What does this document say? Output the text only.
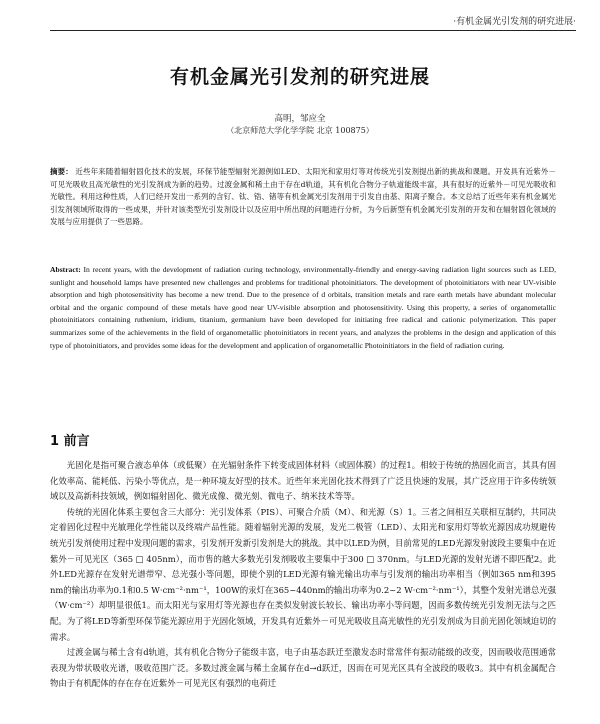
·有机金属光引发剂的研究进展·
有机金属光引发剂的研究进展
高明，邹应全
（北京师范大学化学学院 北京 100875）
摘要： 近些年来随着辐射固化技术的发展，环保节能型辐射光源例如LED、太阳光和家用灯等对传统光引发剂提出新的挑战和课题。开发具有近紫外－可见光吸收且高光敏性的光引发剂成为新的趋势。过渡金属和稀土由于存在d轨道，其有机化合物分子轨道能级丰富，具有很好的近紫外－可见光吸收和光敏性。利用这种性质，人们已经开发出一系列的含钌、钛、锆、锗等有机金属光引发剂用于引发自由基、阳离子聚合。本文总结了近些年来有机金属光引发剂领域所取得的一些成果，并针对该类型光引发剂设计以及应用中所出现的问题进行分析，为今后新型有机金属光引发剂的开发和在辐射固化领域的发展与应用提供了一些思路。
Abstract: In recent years, with the development of radiation curing technology, environmentally-friendly and energy-saving radiation light sources such as LED, sunlight and household lamps have presented new challenges and problems for traditional photoinitiators. The development of photoinitiators with near UV-visible absorption and high photosensitivity has become a new trend. Due to the presence of d orbitals, transition metals and rare earth metals have abundant molecular orbital and the organic compound of these metals have good near UV-visible absorption and photosensitivity. Using this property, a series of organometallic photoinitiators containing ruthenium, iridium, titanium, germanium have been developed for initiating free radical and cationic polymerization. This paper summarizes some of the achievements in the field of organometallic photoinitiators in recent years, and analyzes the problems in the design and application of this type of photoinitiators, and provides some ideas for the development and application of organometallic Photoinitiators in the field of radiation curing.
1 前言

光固化是指可聚合液态单体（或低聚）在光辐射条件下转变成固体材料（或固体膜）的过程1。相较于传统的热固化而言，其具有固化效率高、能耗低、污染小等优点，是一种环境友好型的技术。近些年来光固化技术得到了广泛且快速的发展，其广泛应用于许多传统领域以及高新科技领域，例如辐射固化、微光成像、微光刻、微电子、纳米技术等等。

传统的光固化体系主要包含三大部分：光引发体系（PIS）、可聚合介质（M）、和光源（S）1。三者之间相互关联相互制约，共同决定着固化过程中光敏理化学性能以及终端产品性能。随着辐射光源的发展，发光二极管（LED）、太阳光和家用灯等软光源因成功规避传统光引发剂使用过程中发现问题的需求，引发剂开发新引发剂是大的挑战。其中以LED为例，目前常见的LED光源发射波段主要集中在近紫外－可见光区（365 □ 405nm），而市售的越大多数光引发剂吸收主要集中于300 □ 370nm。与LED光源的发射光谱不即匹配2。此外LED光源存在发射光谱带窄、总光强小等问题，即使个别的LED光源有输光输出功率与引发剂的输出功率相当（例如365 nm和395 nm的输出功率为0.1和0.5 W·cm⁻²·nm⁻¹，100W的汞灯在365~440nm的输出功率为0.2~2 W·cm⁻²·nm⁻¹），其整个发射光谱总光强（W·cm⁻²）却明显很低1。而太阳光与家用灯等光源也存在类似发射波长较长、输出功率小等问题，因而多数传统光引发剂无法与之匹配。为了将LED等新型环保节能光源应用于光固化领域，开发具有近紫外－可见光吸收且高光敏性的光引发剂成为目前光固化领域迫切的需求。

过渡金属与稀土含有d轨道，其有机化合物分子能级丰富，电子由基态跃迁至激发态时常常伴有振动能级的改变，因而吸收范围通常表现为带状吸收光谱，吸收范围广泛。多数过渡金属与稀土金属存在d→d跃迁，因而在可见光区具有全波段的吸收3。其中有机金属配合物由于有机配体的存在存在近紫外－可见光区有强烈的电荷迁
